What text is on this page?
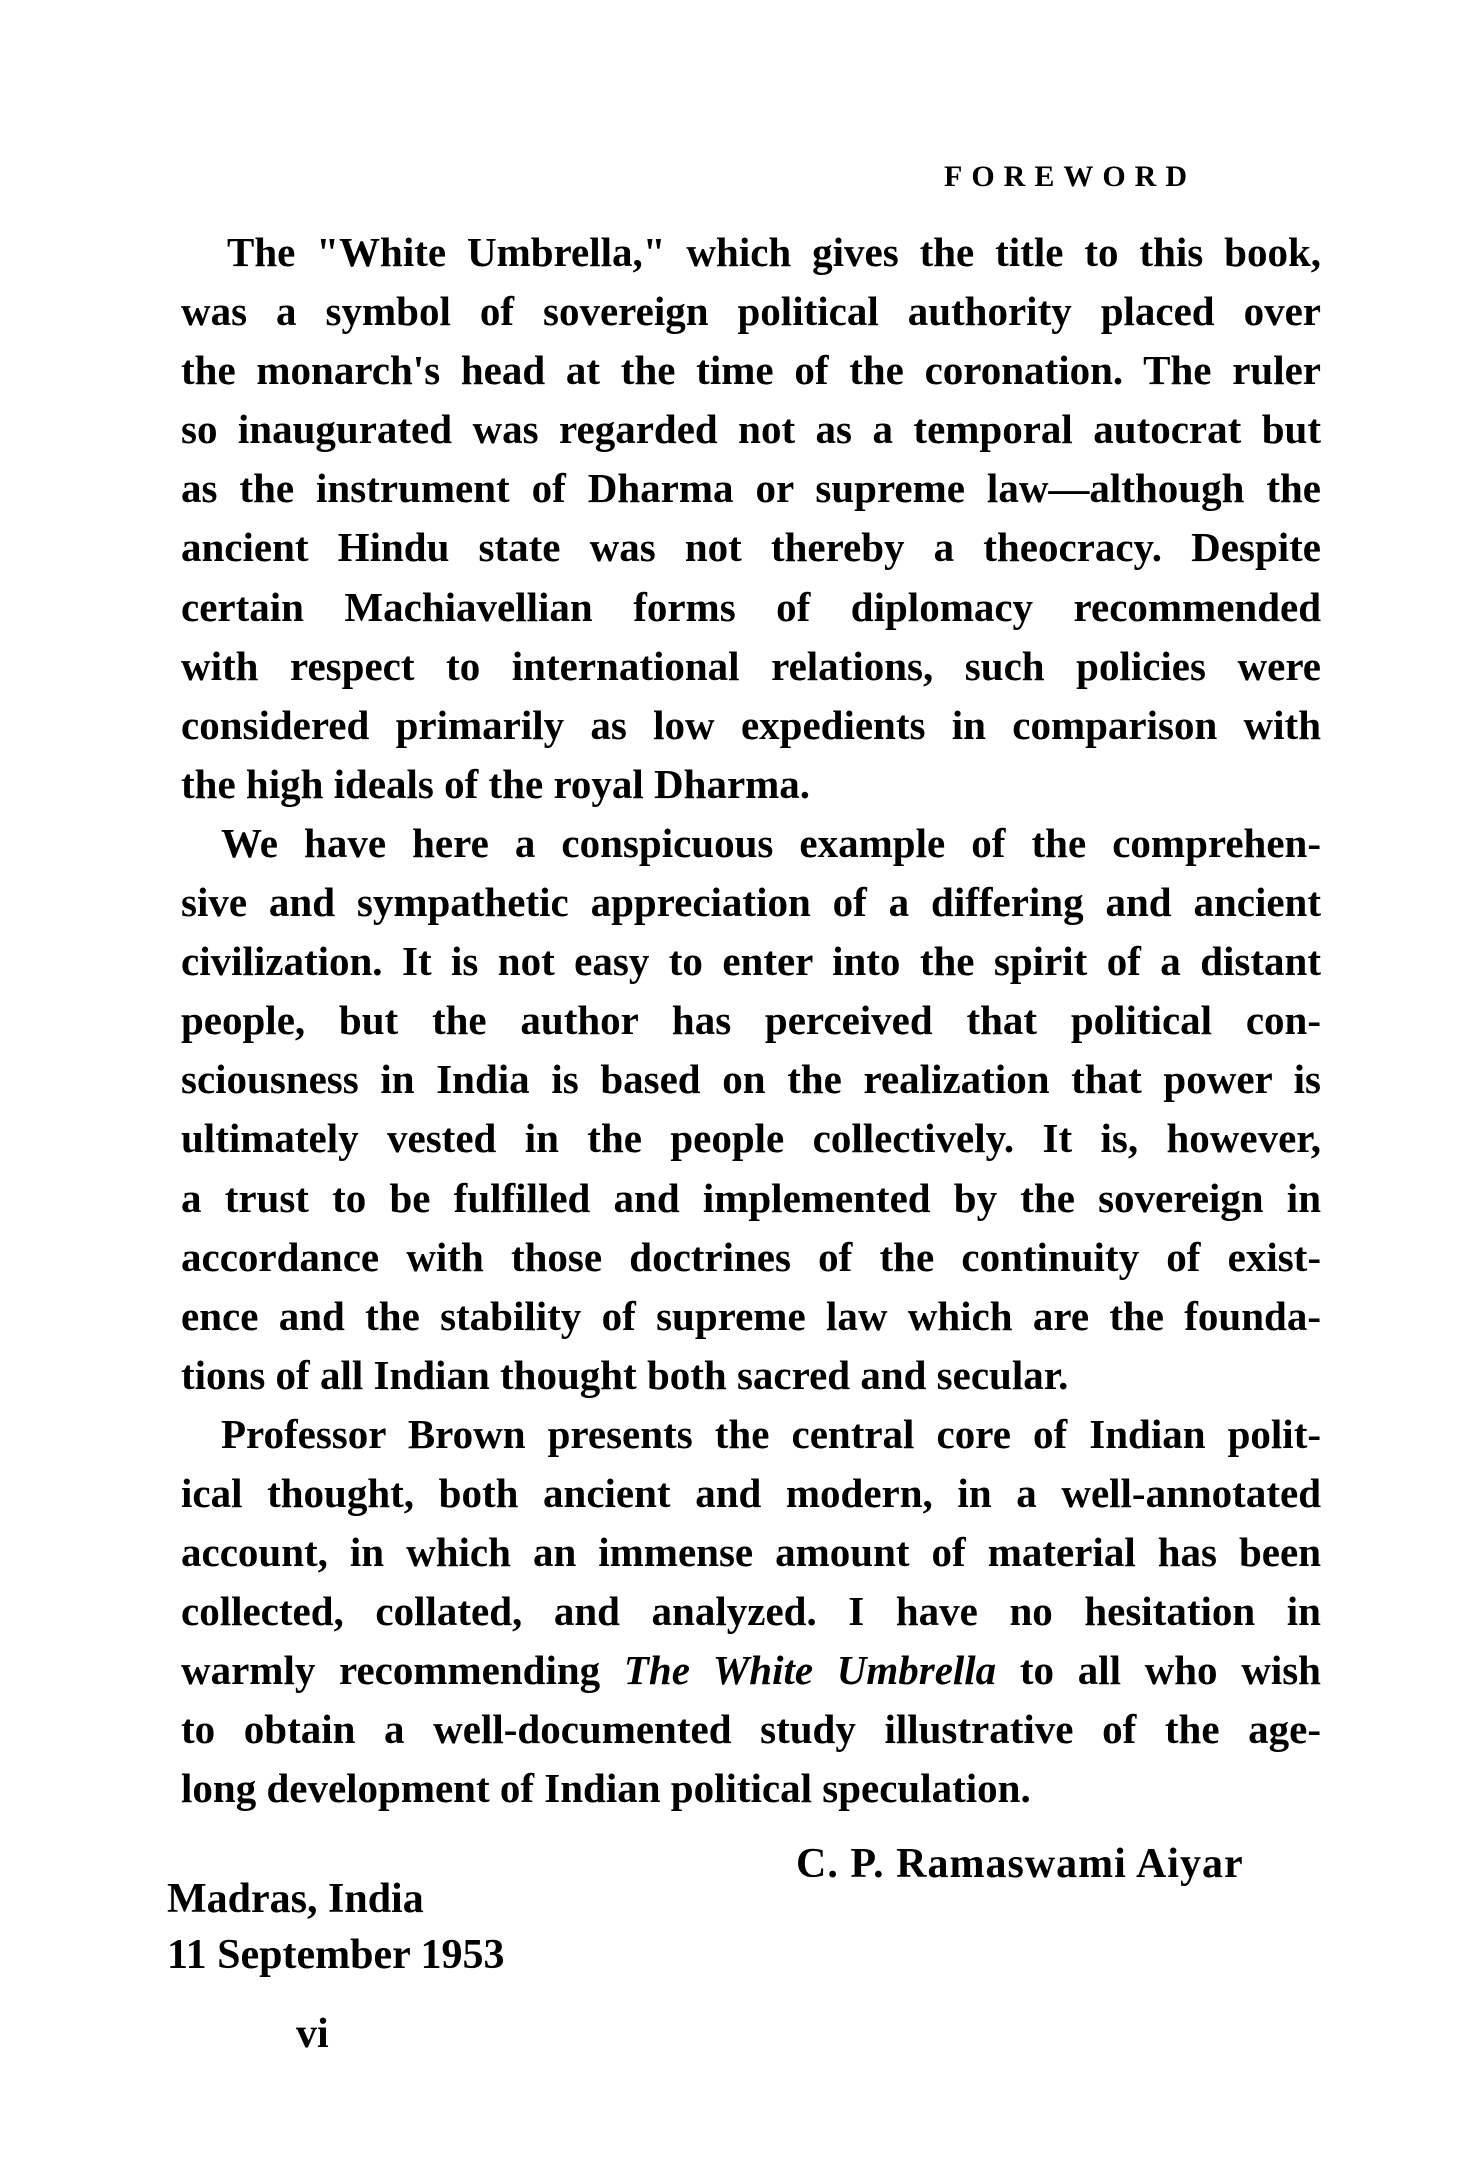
FOREWORD
The "White Umbrella," which gives the title to this book,
was a symbol of sovereign political authority placed over
the monarch's head at the time of the coronation. The ruler
so inaugurated was regarded not as a temporal autocrat but
as the instrument of Dharma or supreme law—although the
ancient Hindu state was not thereby a theocracy. Despite
certain Machiavellian forms of diplomacy recommended
with respect to international relations, such policies were
considered primarily as low expedients in comparison with
the high ideals of the royal Dharma.
We have here a conspicuous example of the comprehen-
sive and sympathetic appreciation of a differing and ancient
civilization. It is not easy to enter into the spirit of a distant
people, but the author has perceived that political con-
sciousness in India is based on the realization that power is
ultimately vested in the people collectively. It is, however,
a trust to be fulfilled and implemented by the sovereign in
accordance with those doctrines of the continuity of exist-
ence and the stability of supreme law which are the founda-
tions of all Indian thought both sacred and secular.
Professor Brown presents the central core of Indian polit-
ical thought, both ancient and modern, in a well-annotated
account, in which an immense amount of material has been
collected, collated, and analyzed. I have no hesitation in
warmly recommending The White Umbrella to all who wish
to obtain a well-documented study illustrative of the age-
long development of Indian political speculation.
C. P. Ramaswami Aiyar
Madras, India
11 September 1953
vi
